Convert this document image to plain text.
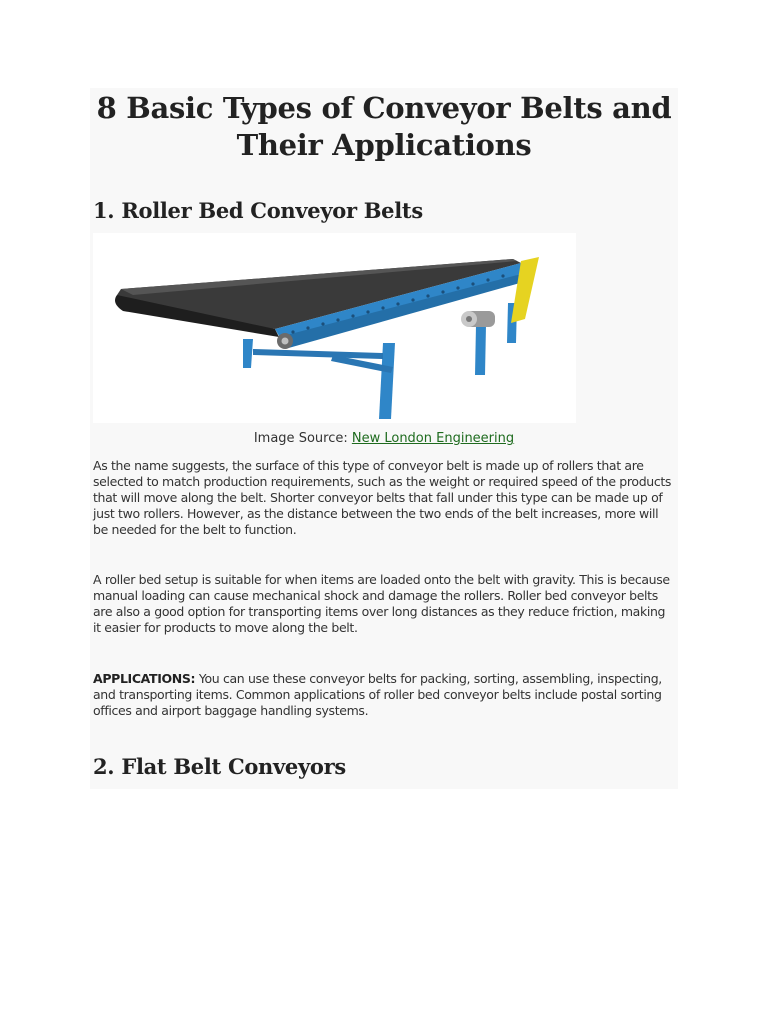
8 Basic Types of Conveyor Belts and Their Applications
1. Roller Bed Conveyor Belts
Image Source: New London Engineering

As the name suggests, the surface of this type of conveyor belt is made up of rollers that are selected to match production requirements, such as the weight or required speed of the products that will move along the belt. Shorter conveyor belts that fall under this type can be made up of just two rollers. However, as the distance between the two ends of the belt increases, more will be needed for the belt to function.

A roller bed setup is suitable for when items are loaded onto the belt with gravity. This is because manual loading can cause mechanical shock and damage the rollers. Roller bed conveyor belts are also a good option for transporting items over long distances as they reduce friction, making it easier for products to move along the belt.

APPLICATIONS: You can use these conveyor belts for packing, sorting, assembling, inspecting, and transporting items. Common applications of roller bed conveyor belts include postal sorting offices and airport baggage handling systems.

2. Flat Belt Conveyors
